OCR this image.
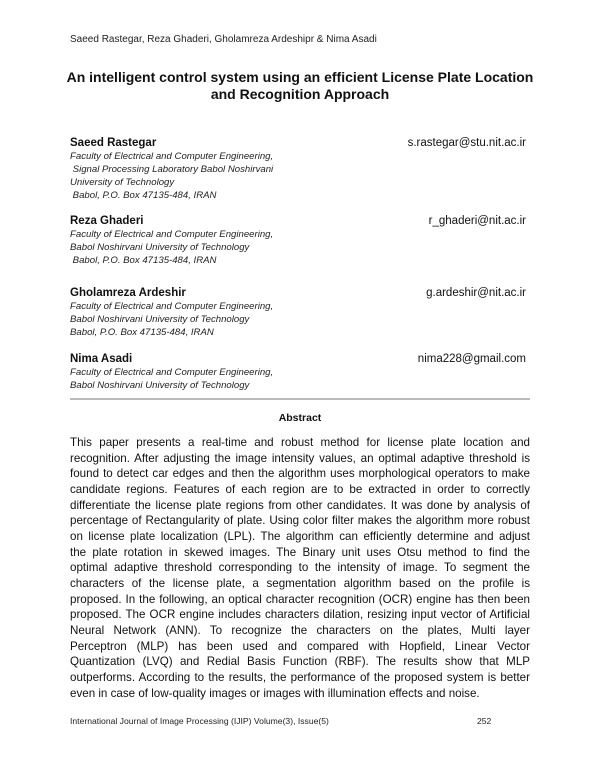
Saeed Rastegar, Reza Ghaderi, Gholamreza Ardeshipr & Nima Asadi
An intelligent control system using an efficient License Plate Location
and Recognition Approach
Saeed Rastegar	s.rastegar@stu.nit.ac.ir
Faculty of Electrical and Computer Engineering,
Signal Processing Laboratory Babol Noshirvani
University of Technology
Babol, P.O. Box 47135-484, IRAN
Reza Ghaderi	r_ghaderi@nit.ac.ir
Faculty of Electrical and Computer Engineering,
Babol Noshirvani University of Technology
Babol, P.O. Box 47135-484, IRAN
Gholamreza Ardeshir	g.ardeshir@nit.ac.ir
Faculty of Electrical and Computer Engineering,
Babol Noshirvani University of Technology
Babol, P.O. Box 47135-484, IRAN
Nima Asadi	nima228@gmail.com
Faculty of Electrical and Computer Engineering,
Babol Noshirvani University of Technology
Abstract
This paper presents a real-time and robust method for license plate location and
recognition. After adjusting the image intensity values, an optimal adaptive threshold is
found to detect car edges and then the algorithm uses morphological operators to make
candidate regions. Features of each region are to be extracted in order to correctly
differentiate the license plate regions from other candidates. It was done by analysis of
percentage of Rectangularity of plate. Using color filter makes the algorithm more robust
on license plate localization (LPL). The algorithm can efficiently determine and adjust
the plate rotation in skewed images. The Binary unit uses Otsu method to find the
optimal adaptive threshold corresponding to the intensity of image. To segment the
characters of the license plate, a segmentation algorithm based on the profile is
proposed. In the following, an optical character recognition (OCR) engine has then been
proposed. The OCR engine includes characters dilation, resizing input vector of Artificial
Neural Network (ANN). To recognize the characters on the plates, Multi layer
Perceptron (MLP) has been used and compared with Hopfield, Linear Vector
Quantization (LVQ) and Redial Basis Function (RBF). The results show that MLP
outperforms. According to the results, the performance of the proposed system is better
even in case of low-quality images or images with illumination effects and noise.
International Journal of Image Processing (IJIP) Volume(3), Issue(5)	252
